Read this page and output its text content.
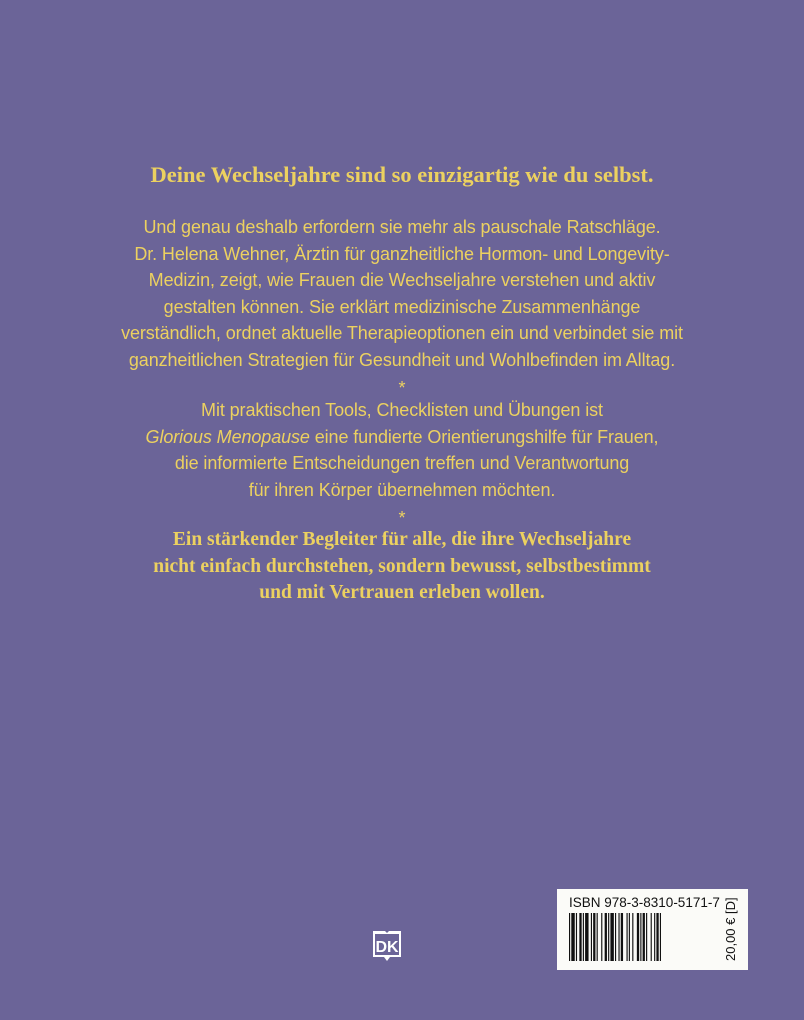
Deine Wechseljahre sind so einzigartig wie du selbst.
Und genau deshalb erfordern sie mehr als pauschale Ratschläge.
Dr. Helena Wehner, Ärztin für ganzheitliche Hormon- und Longevity-
Medizin, zeigt, wie Frauen die Wechseljahre verstehen und aktiv
gestalten können. Sie erklärt medizinische Zusammenhänge
verständlich, ordnet aktuelle Therapieoptionen ein und verbindet sie mit
ganzheitlichen Strategien für Gesundheit und Wohlbefinden im Alltag.
*
Mit praktischen Tools, Checklisten und Übungen ist
Glorious Menopause eine fundierte Orientierungshilfe für Frauen,
die informierte Entscheidungen treffen und Verantwortung
für ihren Körper übernehmen möchten.
*
Ein stärkender Begleiter für alle, die ihre Wechseljahre
nicht einfach durchstehen, sondern bewusst, selbstbestimmt
und mit Vertrauen erleben wollen.
DK
ISBN 978-3-8310-5171-7 20,00 € [D]
